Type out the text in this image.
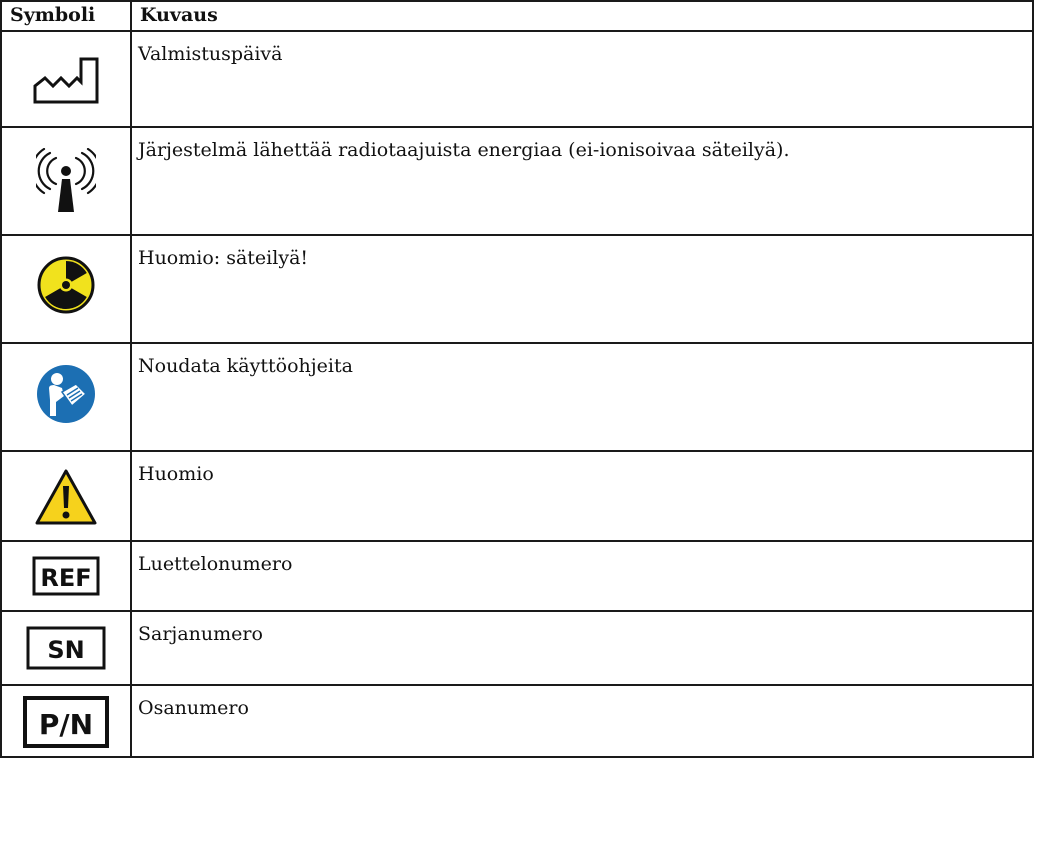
Symboli	Kuvaus

	Valmistuspäivä

	Järjestelmä lähettää radiotaajuista energiaa (ei-ionisoivaa säteilyä).

	Huomio: säteilyä!

	Noudata käyttöohjeita

	Huomio

REF	Luettelonumero

SN	Sarjanumero

P/N	Osanumero
